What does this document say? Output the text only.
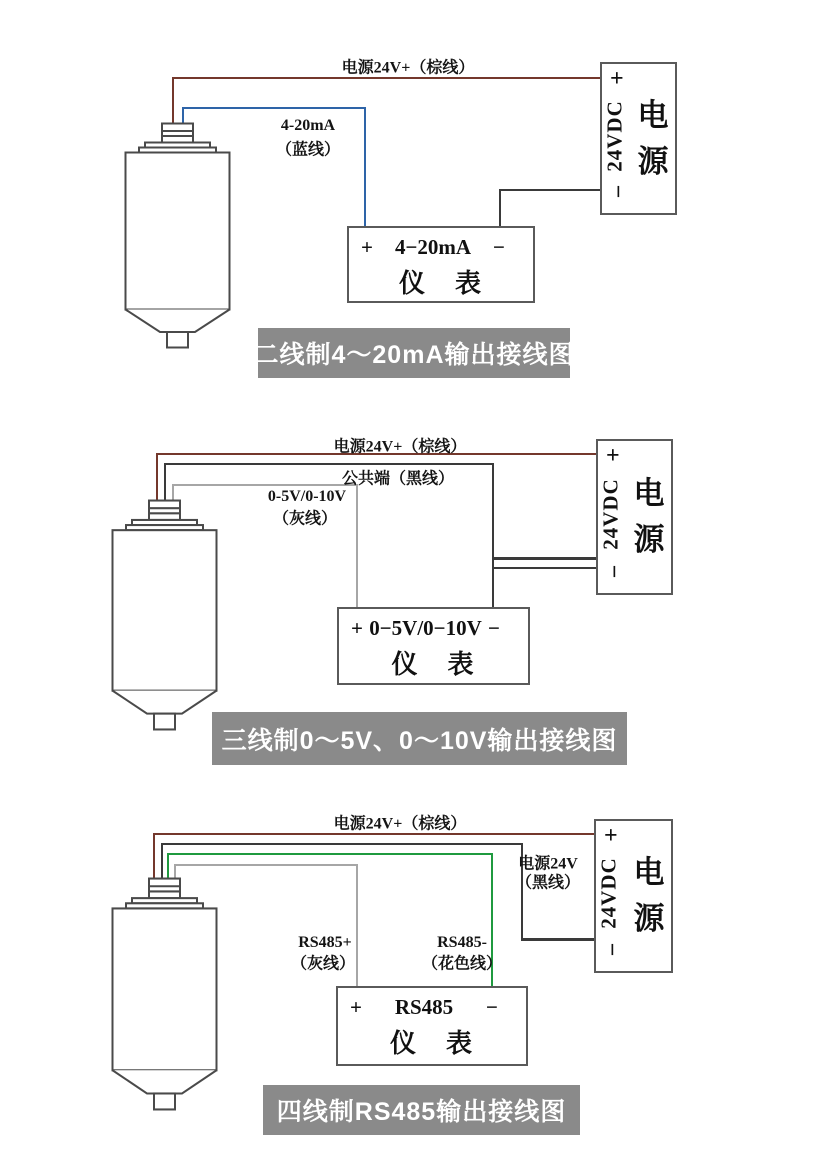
+
24VDC 电源
−
+ 4−20mA −
仪　表
电源24V+（棕线）
4-20mA
（蓝线）
二线制4～20mA输出接线图
+
24VDC 电源
−
+ 0−5V/0−10V −
仪　表
电源24V+（棕线）
公共端（黑线）
0-5V/0-10V
（灰线）
三线制0～5V、0～10V输出接线图
+
24VDC 电源
−
+ RS485 −
仪　表
电源24V+（棕线）
电源24V
（黑线）
RS485+
（灰线）
RS485-
（花色线）
四线制RS485输出接线图
